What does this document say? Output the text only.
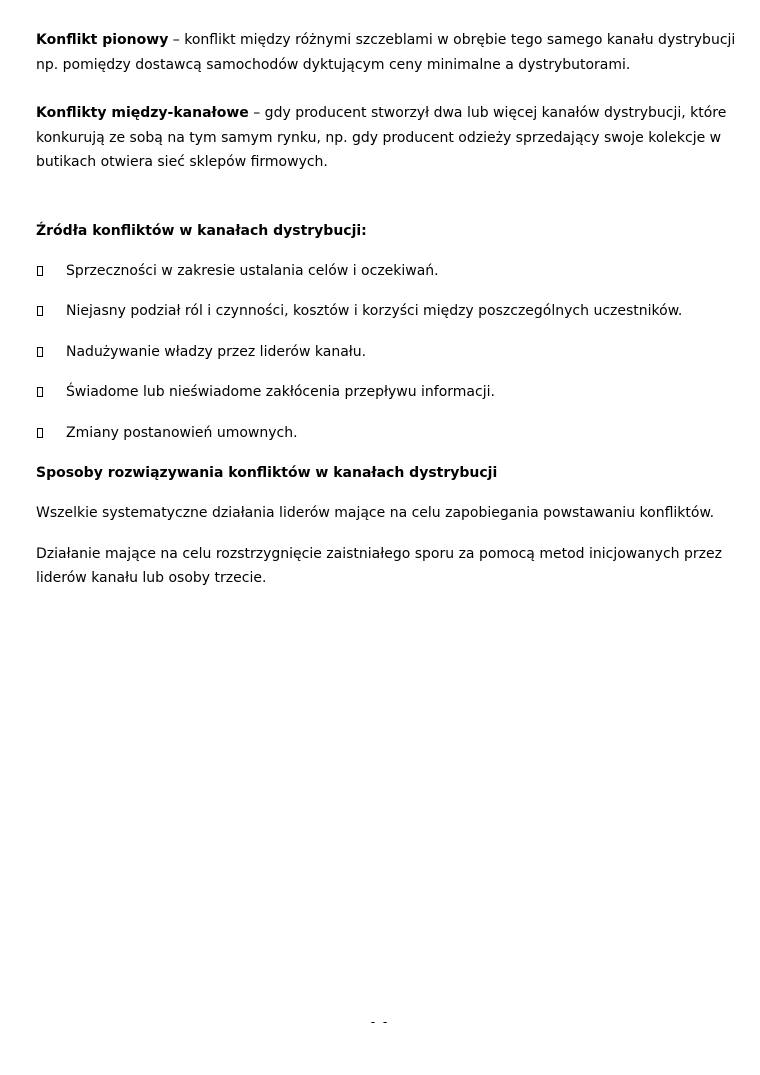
Konflikt pionowy – konflikt między różnymi szczeblami w obrębie tego samego kanału dystrybucji np. pomiędzy dostawcą samochodów dyktującym ceny minimalne a dystrybutorami.

Konflikty między-kanałowe – gdy producent stworzył dwa lub więcej kanałów dystrybucji, które konkurują ze sobą na tym samym rynku, np. gdy producent odzieży sprzedający swoje kolekcje w butikach otwiera sieć sklepów firmowych.

Źródła konfliktów w kanałach dystrybucji:
Sprzeczności w zakresie ustalania celów i oczekiwań.
Niejasny podział ról i czynności, kosztów i korzyści między poszczególnych uczestników.
Nadużywanie władzy przez liderów kanału.
Świadome lub nieświadome zakłócenia przepływu informacji.
Zmiany postanowień umownych.
Sposoby rozwiązywania konfliktów w kanałach dystrybucji

Wszelkie systematyczne działania liderów mające na celu zapobiegania powstawaniu konfliktów.

Działanie mające na celu rozstrzygnięcie zaistniałego sporu za pomocą metod inicjowanych przez liderów kanału lub osoby trzecie.

- -
